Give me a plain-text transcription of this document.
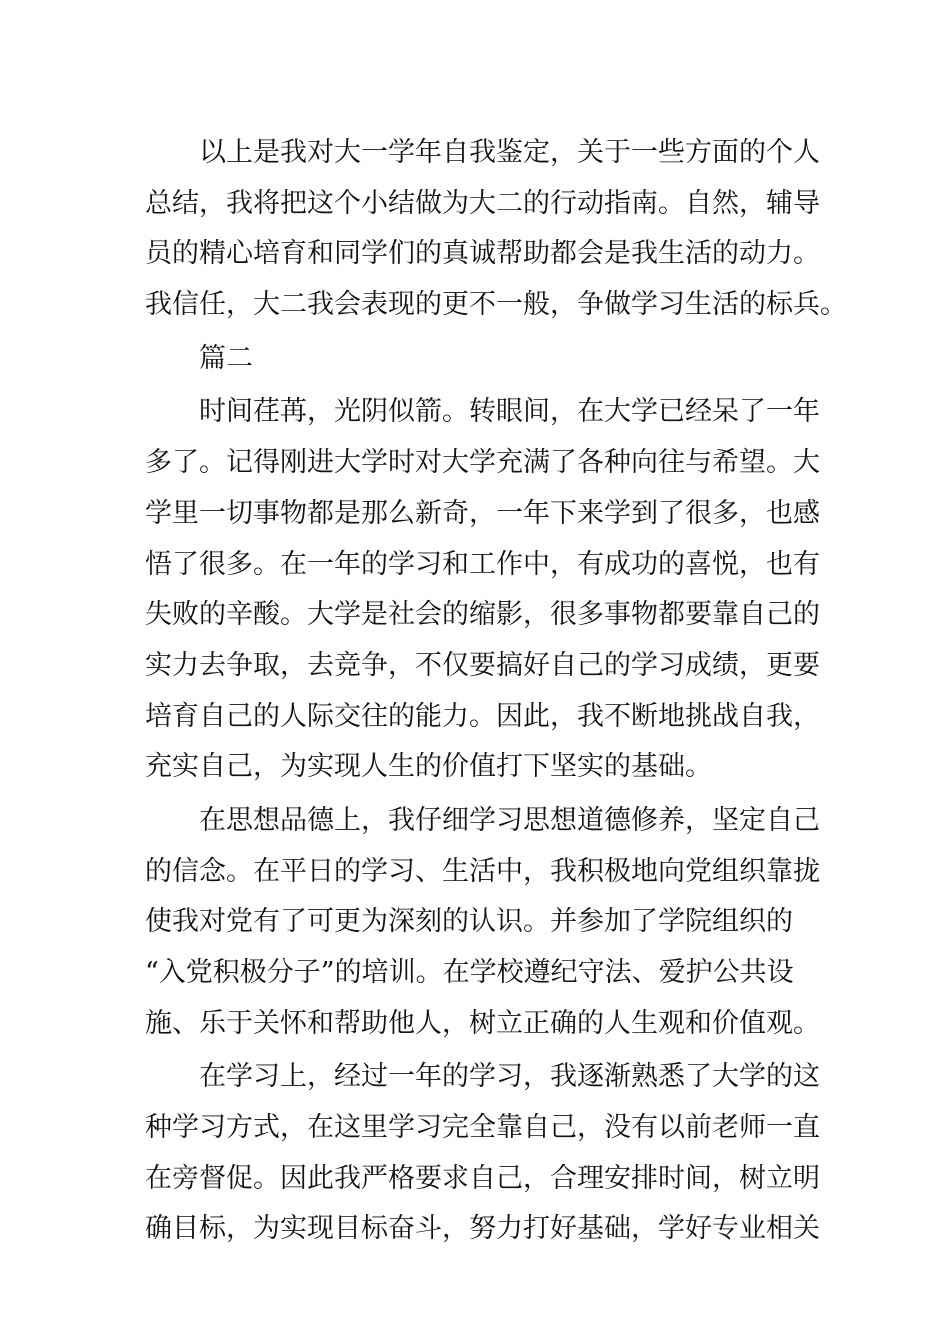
以上是我对大一学年自我鉴定，关于一些方面的个人
总结，我将把这个小结做为大二的行动指南。自然，辅导
员的精心培育和同学们的真诚帮助都会是我生活的动力。
我信任，大二我会表现的更不一般，争做学习生活的标兵。
篇二
时间荏苒，光阴似箭。转眼间，在大学已经呆了一年
多了。记得刚进大学时对大学充满了各种向往与希望。大
学里一切事物都是那么新奇，一年下来学到了很多，也感
悟了很多。在一年的学习和工作中，有成功的喜悦，也有
失败的辛酸。大学是社会的缩影，很多事物都要靠自己的
实力去争取，去竞争，不仅要搞好自己的学习成绩，更要
培育自己的人际交往的能力。因此，我不断地挑战自我，
充实自己，为实现人生的价值打下坚实的基础。
在思想品德上，我仔细学习思想道德修养，坚定自己
的信念。在平日的学习、生活中，我积极地向党组织靠拢
使我对党有了可更为深刻的认识。并参加了学院组织的
“入党积极分子”的培训。在学校遵纪守法、爱护公共设
施、乐于关怀和帮助他人，树立正确的人生观和价值观。
在学习上，经过一年的学习，我逐渐熟悉了大学的这
种学习方式，在这里学习完全靠自己，没有以前老师一直
在旁督促。因此我严格要求自己，合理安排时间，树立明
确目标，为实现目标奋斗，努力打好基础，学好专业相关
